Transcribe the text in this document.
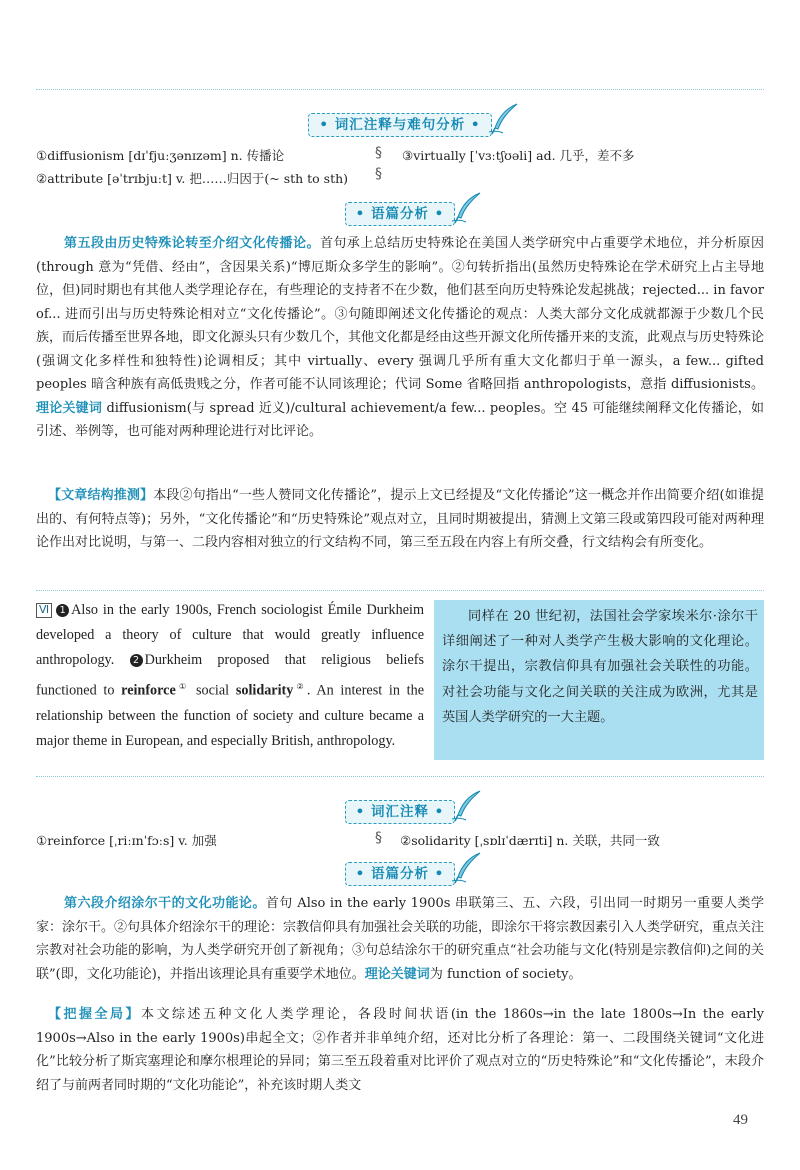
• 词汇注释与难句分析 •
①diffusionism [dɪˈfjuːʒənɪzəm] n. 传播论
②attribute [əˈtrɪbjuːt] v. 把……归因于(~ sth to sth)
§
§
③virtually [ˈvɜːtʃʊəli] ad. 几乎，差不多
• 语篇分析 •
第五段由历史特殊论转至介绍文化传播论。首句承上总结历史特殊论在美国人类学研究中占重要学术地位，并分析原因(through 意为“凭借、经由”，含因果关系)“博厄斯众多学生的影响”。②句转折指出(虽然历史特殊论在学术研究上占主导地位，但)同时期也有其他人类学理论存在，有些理论的支持者不在少数，他们甚至向历史特殊论发起挑战；rejected... in favor of... 进而引出与历史特殊论相对立“文化传播论”。③句随即阐述文化传播论的观点：人类大部分文化成就都源于少数几个民族，而后传播至世界各地，即文化源头只有少数几个，其他文化都是经由这些开源文化所传播开来的支流，此观点与历史特殊论(强调文化多样性和独特性)论调相反；其中 virtually、every 强调几乎所有重大文化都归于单一源头，a few... gifted peoples 暗含种族有高低贵贱之分，作者可能不认同该理论；代词 Some 省略回指 anthropologists，意指 diffusionists。理论关键词 diffusionism(与 spread 近义)/cultural achievement/a few... peoples。空 45 可能继续阐释文化传播论，如引述、举例等，也可能对两种理论进行对比评论。
【文章结构推测】本段②句指出“一些人赞同文化传播论”，提示上文已经提及“文化传播论”这一概念并作出简要介绍(如谁提出的、有何特点等)；另外，“文化传播论”和“历史特殊论”观点对立，且同时期被提出，猜测上文第三段或第四段可能对两种理论作出对比说明，与第一、二段内容相对独立的行文结构不同，第三至五段在内容上有所交叠，行文结构会有所变化。
Ⅵ 1 Also in the early 1900s, French sociologist Émile Durkheim developed a theory of culture that would greatly influence anthropology. 2 Durkheim proposed that religious beliefs functioned to reinforce① social solidarity②. An interest in the relationship between the function of society and culture became a major theme in European, and especially British, anthropology.
同样在 20 世纪初，法国社会学家埃米尔·涂尔干详细阐述了一种对人类学产生极大影响的文化理论。涂尔干提出，宗教信仰具有加强社会关联性的功能。对社会功能与文化之间关联的关注成为欧洲，尤其是英国人类学研究的一大主题。
• 词汇注释 •
①reinforce [ˌriːɪnˈfɔːs] v. 加强	§ ②solidarity [ˌsɒlɪˈdærɪti] n. 关联，共同一致
• 语篇分析 •
第六段介绍涂尔干的文化功能论。首句 Also in the early 1900s 串联第三、五、六段，引出同一时期另一重要人类学家：涂尔干。②句具体介绍涂尔干的理论：宗教信仰具有加强社会关联的功能，即涂尔干将宗教因素引入人类学研究，重点关注宗教对社会功能的影响，为人类学研究开创了新视角；③句总结涂尔干的研究重点“社会功能与文化(特别是宗教信仰)之间的关联”(即，文化功能论)，并指出该理论具有重要学术地位。理论关键词为 function of society。
【把握全局】本文综述五种文化人类学理论，各段时间状语(in the 1860s→in the late 1800s→In the early 1900s→Also in the early 1900s)串起全文；②作者并非单纯介绍，还对比分析了各理论：第一、二段围绕关键词“文化进化”比较分析了斯宾塞理论和摩尔根理论的异同；第三至五段着重对比评价了观点对立的“历史特殊论”和“文化传播论”，末段介绍了与前两者同时期的“文化功能论”，补充该时期人类文
49
